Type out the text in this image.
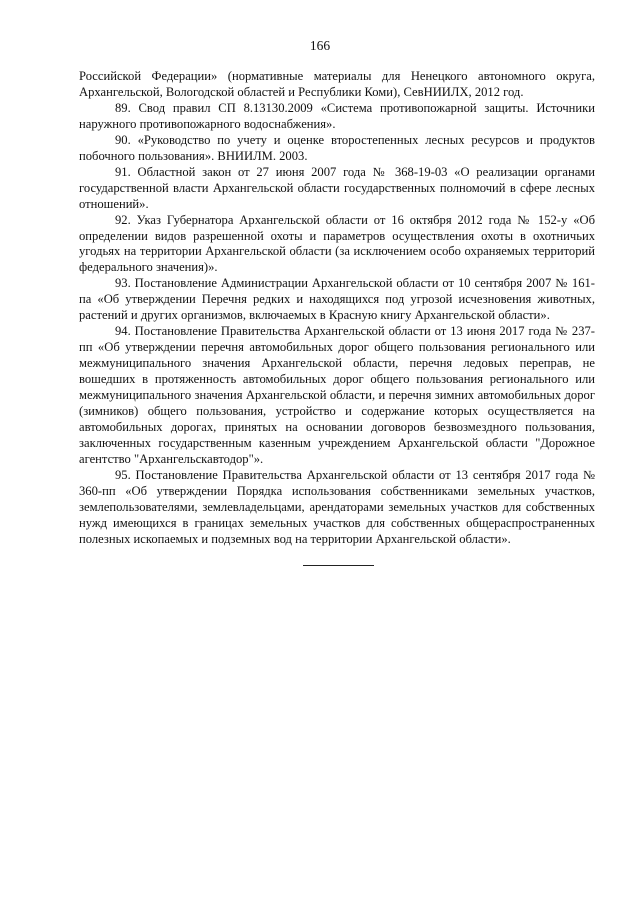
166

Российской Федерации» (нормативные материалы для Ненецкого автономного округа, Архангельской, Вологодской областей и Республики Коми), СевНИИЛХ, 2012 год.

89. Свод правил СП 8.13130.2009 «Система противопожарной защиты. Источники наружного противопожарного водоснабжения».

90. «Руководство по учету и оценке второстепенных лесных ресурсов и продуктов побочного пользования». ВНИИЛМ. 2003.

91. Областной закон от 27 июня 2007 года № 368-19-03 «О реализации органами государственной власти Архангельской области государственных полномочий в сфере лесных отношений».

92. Указ Губернатора Архангельской области от 16 октября 2012 года № 152-у «Об определении видов разрешенной охоты и параметров осуществления охоты в охотничьих угодьях на территории Архангельской области (за исключением особо охраняемых территорий федерального значения)».

93. Постановление Администрации Архангельской области от 10 сентября 2007 № 161-па «Об утверждении Перечня редких и находящихся под угрозой исчезновения животных, растений и других организмов, включаемых в Красную книгу Архангельской области».

94. Постановление Правительства Архангельской области от 13 июня 2017 года № 237-пп «Об утверждении перечня автомобильных дорог общего пользования регионального или межмуниципального значения Архангельской области, перечня ледовых переправ, не вошедших в протяженность автомобильных дорог общего пользования регионального или межмуниципального значения Архангельской области, и перечня зимних автомобильных дорог (зимников) общего пользования, устройство и содержание которых осуществляется на автомобильных дорогах, принятых на основании договоров безвозмездного пользования, заключенных государственным казенным учреждением Архангельской области "Дорожное агентство "Архангельскавтодор"».

95. Постановление Правительства Архангельской области от 13 сентября 2017 года № 360-пп «Об утверждении Порядка использования собственниками земельных участков, землепользователями, землевладельцами, арендаторами земельных участков для собственных нужд имеющихся в границах земельных участков для собственных общераспространенных полезных ископаемых и подземных вод на территории Архангельской области».
